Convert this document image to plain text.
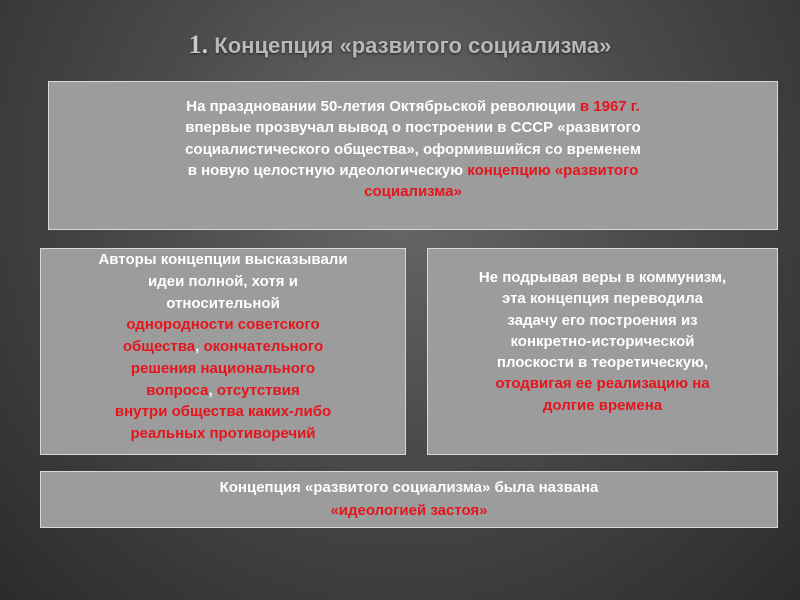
1. Концепция «развитого социализма»
На праздновании 50-летия Октябрьской революции в 1967 г.
впервые прозвучал вывод о построении в СССР «развитого
социалистического общества», оформившийся со временем
в новую целостную идеологическую концепцию «развитого
социализма»
Авторы концепции высказывали
идеи полной, хотя и
относительной
однородности советского
общества, окончательного
решения национального
вопроса, отсутствия
внутри общества каких-либо
реальных противоречий
Не подрывая веры в коммунизм,
эта концепция переводила
задачу его построения из
конкретно-исторической
плоскости в теоретическую,
отодвигая ее реализацию на
долгие времена
Концепция «развитого социализма» была названа
«идеологией застоя»
